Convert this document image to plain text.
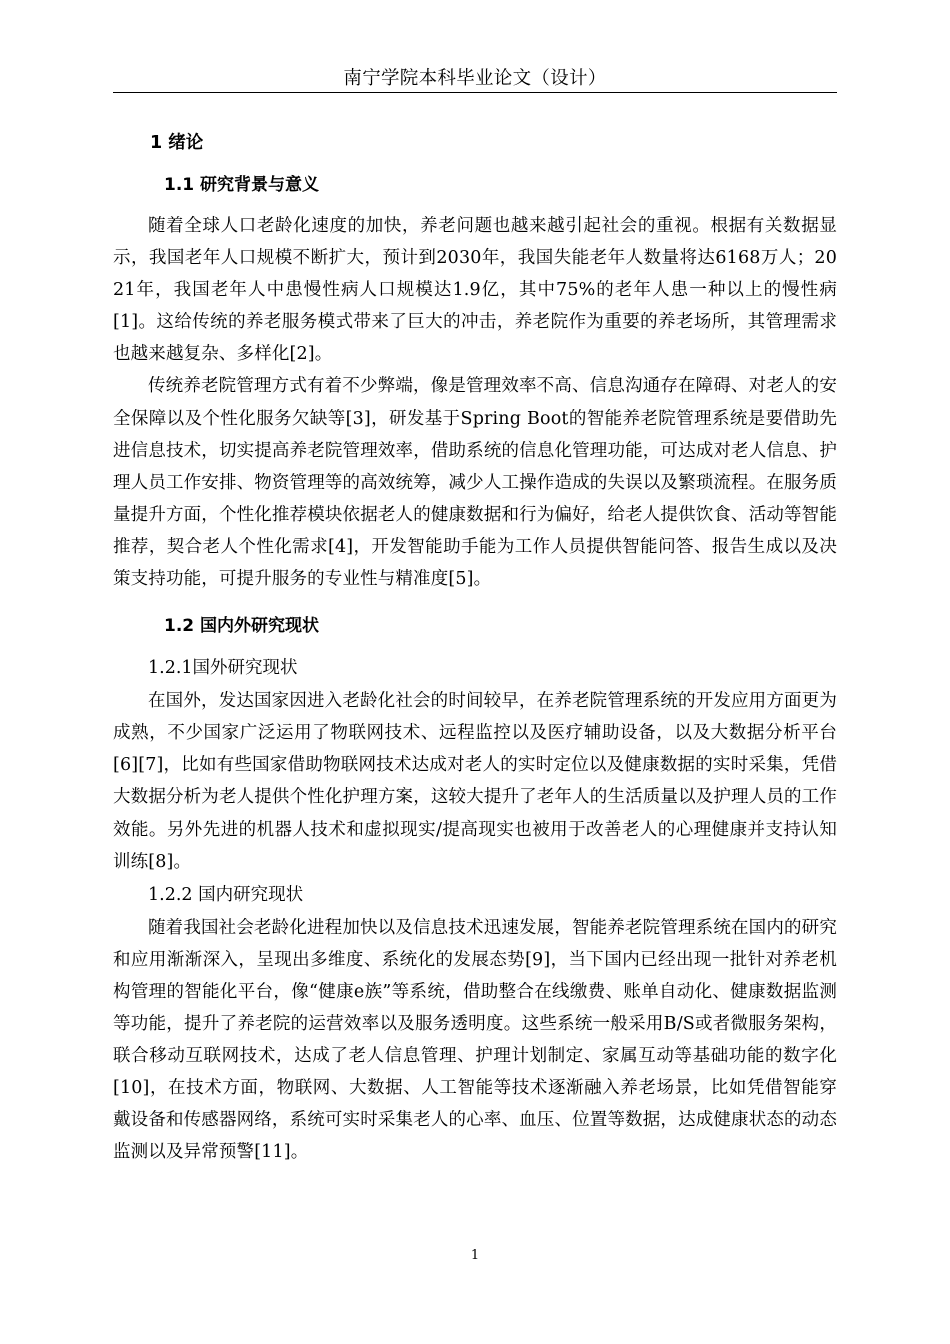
南宁学院本科毕业论文（设计）
1 绪论
1.1 研究背景与意义

随着全球人口老龄化速度的加快，养老问题也越来越引起社会的重视。根据有关数据显示，我国老年人口规模不断扩大，预计到2030年，我国失能老年人数量将达6168万人；2021年，我国老年人中患慢性病人口规模达1.9亿，其中75%的老年人患一种以上的慢性病[1]。这给传统的养老服务模式带来了巨大的冲击，养老院作为重要的养老场所，其管理需求也越来越复杂、多样化[2]。

传统养老院管理方式有着不少弊端，像是管理效率不高、信息沟通存在障碍、对老人的安全保障以及个性化服务欠缺等[3]，研发基于Spring Boot的智能养老院管理系统是要借助先进信息技术，切实提高养老院管理效率，借助系统的信息化管理功能，可达成对老人信息、护理人员工作安排、物资管理等的高效统筹，减少人工操作造成的失误以及繁琐流程。在服务质量提升方面，个性化推荐模块依据老人的健康数据和行为偏好，给老人提供饮食、活动等智能推荐，契合老人个性化需求[4]，开发智能助手能为工作人员提供智能问答、报告生成以及决策支持功能，可提升服务的专业性与精准度[5]。

1.2 国内外研究现状
1.2.1国外研究现状

在国外，发达国家因进入老龄化社会的时间较早，在养老院管理系统的开发应用方面更为成熟，不少国家广泛运用了物联网技术、远程监控以及医疗辅助设备，以及大数据分析平台[6][7]，比如有些国家借助物联网技术达成对老人的实时定位以及健康数据的实时采集，凭借大数据分析为老人提供个性化护理方案，这较大提升了老年人的生活质量以及护理人员的工作效能。另外先进的机器人技术和虚拟现实/提高现实也被用于改善老人的心理健康并支持认知训练[8]。

1.2.2 国内研究现状

随着我国社会老龄化进程加快以及信息技术迅速发展，智能养老院管理系统在国内的研究和应用渐渐深入，呈现出多维度、系统化的发展态势[9]，当下国内已经出现一批针对养老机构管理的智能化平台，像“健康e族”等系统，借助整合在线缴费、账单自动化、健康数据监测等功能，提升了养老院的运营效率以及服务透明度。这些系统一般采用B/S或者微服务架构，联合移动互联网技术，达成了老人信息管理、护理计划制定、家属互动等基础功能的数字化[10]，在技术方面，物联网、大数据、人工智能等技术逐渐融入养老场景，比如凭借智能穿戴设备和传感器网络，系统可实时采集老人的心率、血压、位置等数据，达成健康状态的动态监测以及异常预警[11]。

1
